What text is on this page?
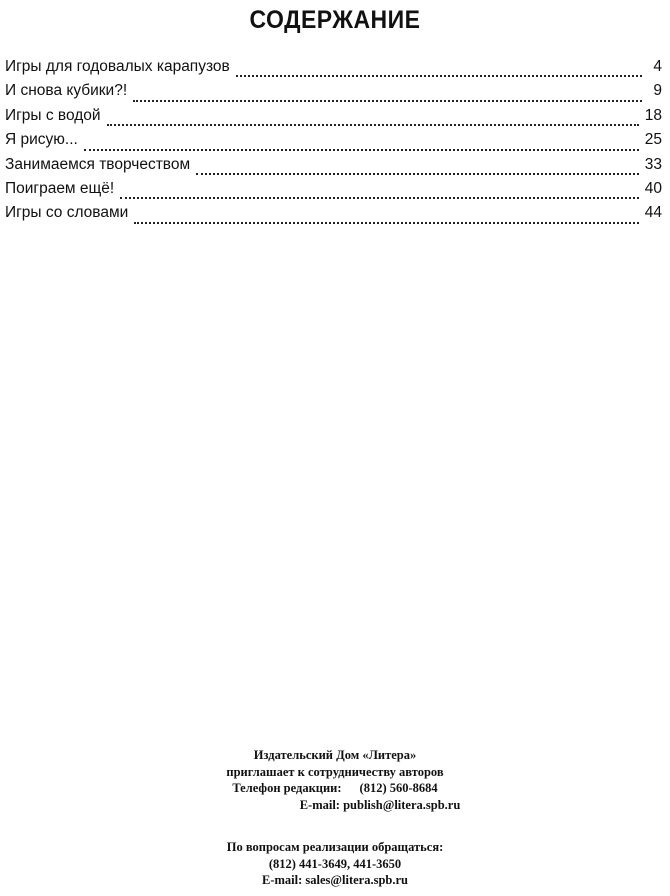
СОДЕРЖАНИЕ
Игры для годовалых карапузов	4
И снова кубики?!	9
Игры с водой	18
Я рисую...	25
Занимаемся творчеством	33
Поиграем ещё!	40
Игры со словами	44
Издательский Дом «Литера»
приглашает к сотрудничеству авторов
Телефон редакции: (812) 560-8684
E-mail: publish@litera.spb.ru
По вопросам реализации обращаться:
(812) 441-3649, 441-3650
E-mail: sales@litera.spb.ru
